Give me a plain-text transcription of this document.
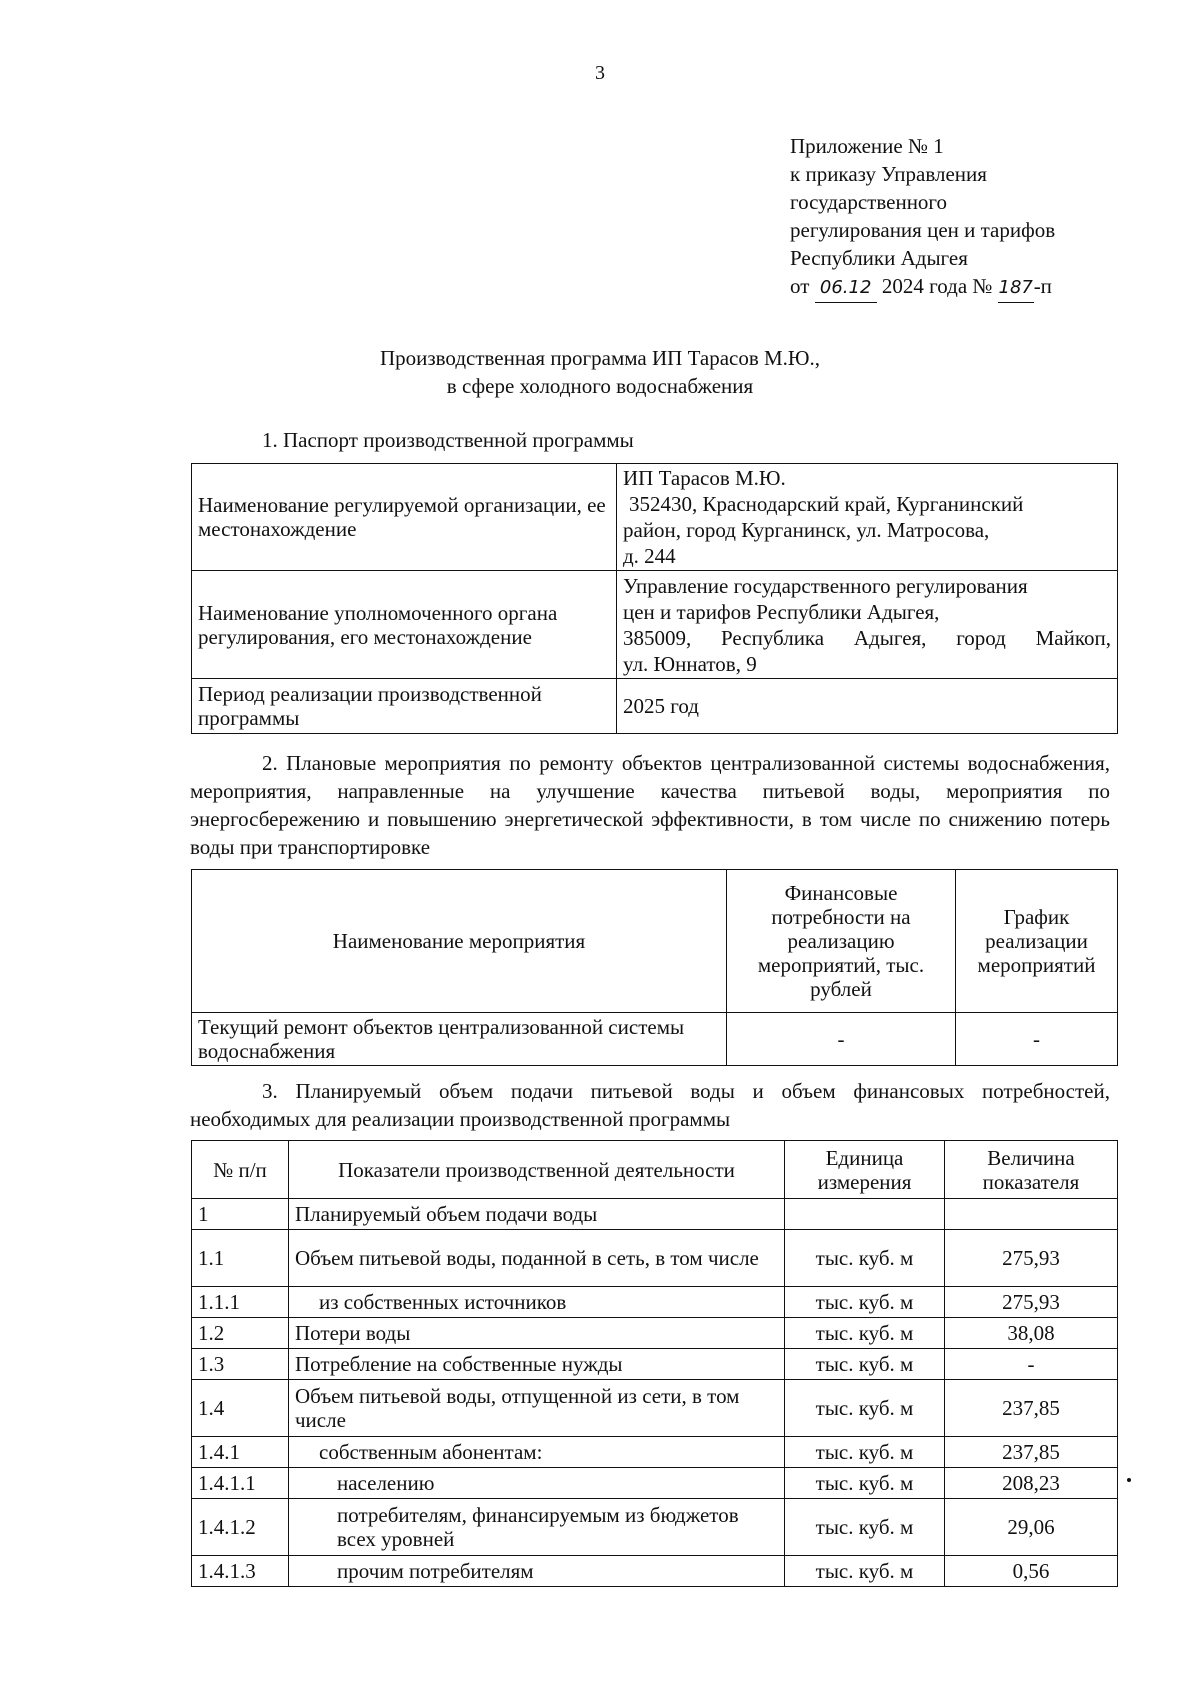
3
Приложение № 1
к приказу Управления
государственного
регулирования цен и тарифов
Республики Адыгея
от 06.12 2024 года № 187-п
Производственная программа ИП Тарасов М.Ю.,
в сфере холодного водоснабжения
1. Паспорт производственной программы
Наименование регулируемой организации, ее местонахождение	ИП Тарасов М.Ю.
352430, Краснодарский край, Курганинский
район, город Курганинск, ул. Матросова,
д. 244

Наименование уполномоченного органа регулирования, его местонахождение	Управление государственного регулирования
цен и тарифов Республики Адыгея,
385009, Республика Адыгея, город Майкоп,
ул. Юннатов, 9

Период реализации производственной программы	2025 год
2. Плановые мероприятия по ремонту объектов централизованной системы водоснабжения, мероприятия, направленные на улучшение качества питьевой воды, мероприятия по энергосбережению и повышению энергетической эффективности, в том числе по снижению потерь воды при транспортировке
Наименование мероприятия	Финансовые потребности на реализацию мероприятий, тыс. рублей	График реализации мероприятий
Текущий ремонт объектов централизованной системы водоснабжения	-	-
3. Планируемый объем подачи питьевой воды и объем финансовых потребностей, необходимых для реализации производственной программы
№ п/п	Показатели производственной деятельности	Единица измерения	Величина показателя
1	Планируемый объем подачи воды		
1.1	Объем питьевой воды, поданной в сеть, в том числе	тыс. куб. м	275,93
1.1.1	из собственных источников	тыс. куб. м	275,93
1.2	Потери воды	тыс. куб. м	38,08
1.3	Потребление на собственные нужды	тыс. куб. м	-
1.4	Объем питьевой воды, отпущенной из сети, в том числе	тыс. куб. м	237,85
1.4.1	собственным абонентам:	тыс. куб. м	237,85
1.4.1.1	населению	тыс. куб. м	208,23
1.4.1.2	потребителям, финансируемым из бюджетов всех уровней	тыс. куб. м	29,06
1.4.1.3	прочим потребителям	тыс. куб. м	0,56
